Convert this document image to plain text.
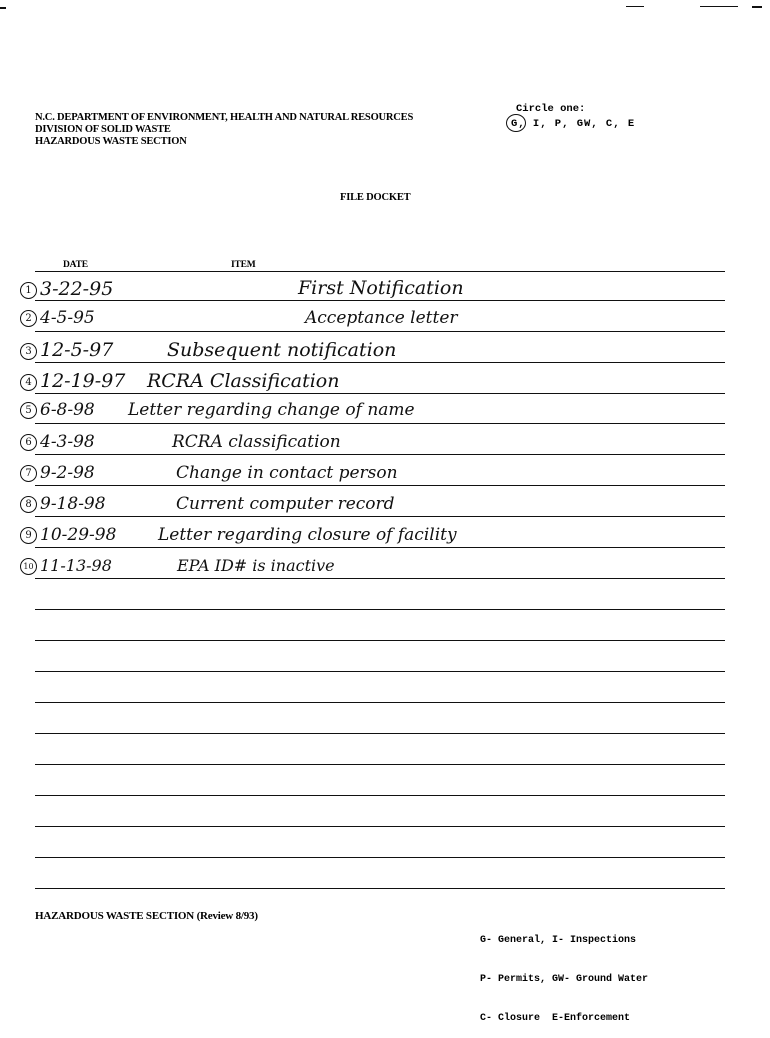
N.C. DEPARTMENT OF ENVIRONMENT, HEALTH AND NATURAL RESOURCES
DIVISION OF SOLID WASTE
HAZARDOUS WASTE SECTION
Circle one:
G, I, P, GW, C, E
FILE DOCKET
DATE	ITEM
1 3-22-95	First Notification
2 4-5-95	Acceptance letter
3 12-5-97	Subsequent notification
4 12-19-97 RCRA Classification
5 6-8-98 Letter regarding change of name
6 4-3-98	RCRA classification
7 9-2-98	Change in contact person
8 9-18-98	Current computer record
9 10-29-98 Letter regarding closure of facility
10 11-13-98	EPA ID# is inactive
HAZARDOUS WASTE SECTION (Review 8/93)

G- General, I- Inspections

P- Permits, GW- Ground Water

C- Closure  E-Enforcement
